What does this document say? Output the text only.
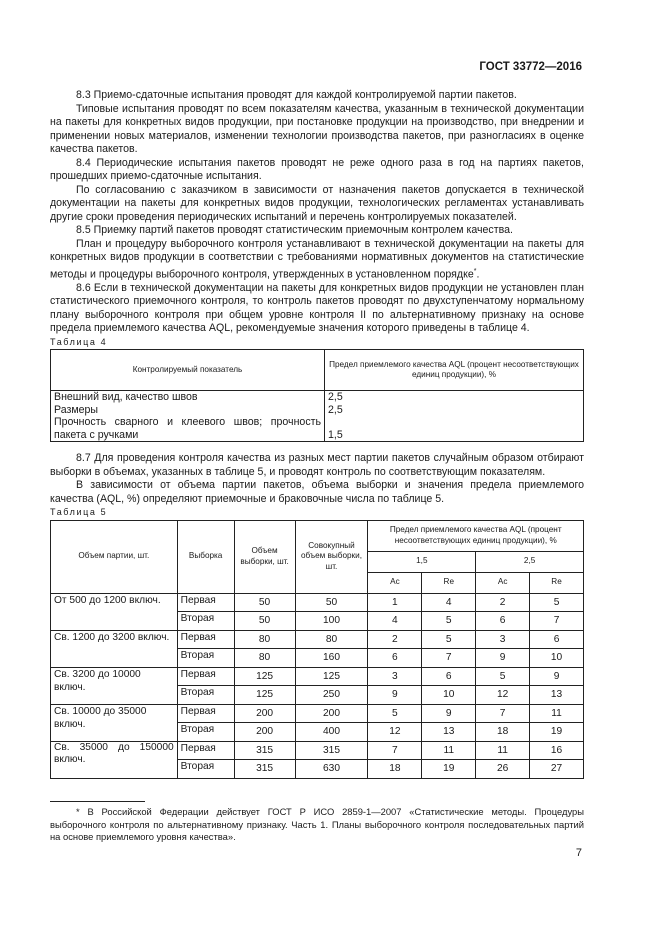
ГОСТ 33772—2016

8.3 Приемо-сдаточные испытания проводят для каждой контролируемой партии пакетов.

Типовые испытания проводят по всем показателям качества, указанным в технической документации на пакеты для конкретных видов продукции, при постановке продукции на производство, при внедрении и применении новых материалов, изменении технологии производства пакетов, при разногласиях в оценке качества пакетов.

8.4 Периодические испытания пакетов проводят не реже одного раза в год на партиях пакетов, прошедших приемо-сдаточные испытания.

По согласованию с заказчиком в зависимости от назначения пакетов допускается в технической документации на пакеты для конкретных видов продукции, технологических регламентах устанавливать другие сроки проведения периодических испытаний и перечень контролируемых показателей.

8.5 Приемку партий пакетов проводят статистическим приемочным контролем качества.

План и процедуру выборочного контроля устанавливают в технической документации на пакеты для конкретных видов продукции в соответствии с требованиями нормативных документов на статистические методы и процедуры выборочного контроля, утвержденных в установленном порядке*.

8.6 Если в технической документации на пакеты для конкретных видов продукции не установлен план статистического приемочного контроля, то контроль пакетов проводят по двухступенчатому нормальному плану выборочного контроля при общем уровне контроля II по альтернативному признаку на основе предела приемлемого качества AQL, рекомендуемые значения которого приведены в таблице 4.

Таблица 4

Контролируемый показатель	Предел приемлемого качества AQL (процент несоответствующих единиц продукции), %
Внешний вид, качество швов	2,5
Размеры	2,5
Прочность сварного и клеевого швов; прочность пакета с ручками	1,5

8.7 Для проведения контроля качества из разных мест партии пакетов случайным образом отбирают выборки в объемах, указанных в таблице 5, и проводят контроль по соответствующим показателям.

В зависимости от объема партии пакетов, объема выборки и значения предела приемлемого качества (AQL, %) определяют приемочные и браковочные числа по таблице 5.

Таблица 5

Объем партии, шт.	Выборка	Объем выборки, шт.	Совокупный объем выборки, шт.	Предел приемлемого качества AQL (процент несоответствующих единиц продукции), %			
				1,5		2,5	
				Ac	Re	Ac	Re
От 500 до 1200 включ.	Первая	50	50	1	4	2	5
	Вторая	50	100	4	5	6	7
Св. 1200 до 3200 включ.	Первая	80	80	2	5	3	6
	Вторая	80	160	6	7	9	10
Св. 3200 до 10000 включ.	Первая	125	125	3	6	5	9
	Вторая	125	250	9	10	12	13
Св. 10000 до 35000 включ.	Первая	200	200	5	9	7	11
	Вторая	200	400	12	13	18	19
Св. 35000 до 150000 включ.	Первая	315	315	7	11	11	16
	Вторая	315	630	18	19	26	27
* В Российской Федерации действует ГОСТ Р ИСО 2859-1—2007 «Статистические методы. Процедуры выборочного контроля по альтернативному признаку. Часть 1. Планы выборочного контроля последовательных партий на основе приемлемого уровня качества».
7
